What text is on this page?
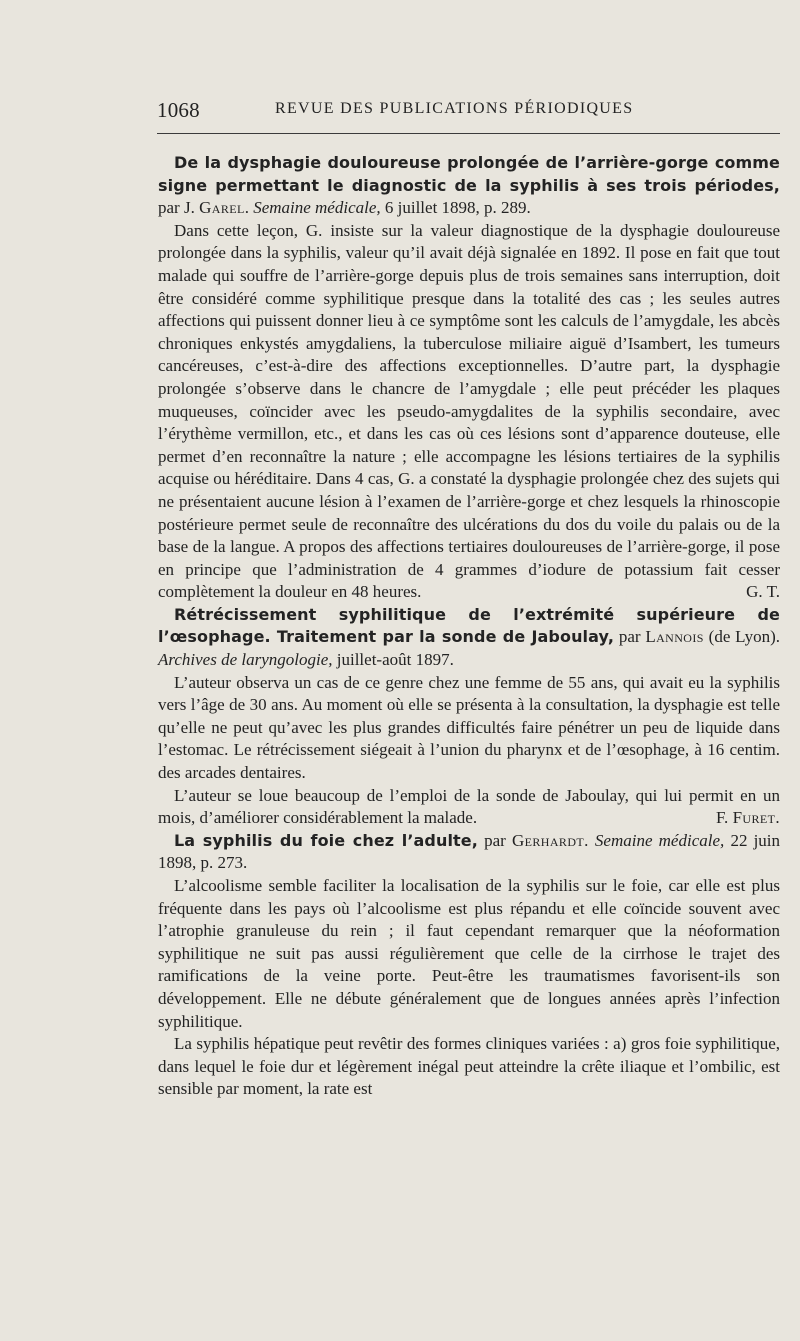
1068	REVUE DES PUBLICATIONS PÉRIODIQUES

De la dysphagie douloureuse prolongée de l’arrière-gorge comme signe permettant le diagnostic de la syphilis à ses trois périodes, par J. Garel. Semaine médicale, 6 juillet 1898, p. 289.

Dans cette leçon, G. insiste sur la valeur diagnostique de la dysphagie douloureuse prolongée dans la syphilis, valeur qu’il avait déjà signalée en 1892. Il pose en fait que tout malade qui souffre de l’arrière-gorge depuis plus de trois semaines sans interruption, doit être considéré comme syphilitique presque dans la totalité des cas ; les seules autres affections qui puissent donner lieu à ce symptôme sont les calculs de l’amygdale, les abcès chroniques enkystés amygdaliens, la tuberculose miliaire aiguë d’Isambert, les tumeurs cancéreuses, c’est-à-dire des affections exceptionnelles. D’autre part, la dysphagie prolongée s’observe dans le chancre de l’amygdale ; elle peut précéder les plaques muqueuses, coïncider avec les pseudo-amygdalites de la syphilis secondaire, avec l’érythème vermillon, etc., et dans les cas où ces lésions sont d’apparence douteuse, elle permet d’en reconnaître la nature ; elle accompagne les lésions tertiaires de la syphilis acquise ou héréditaire. Dans 4 cas, G. a constaté la dysphagie prolongée chez des sujets qui ne présentaient aucune lésion à l’examen de l’arrière-gorge et chez lesquels la rhinoscopie postérieure permet seule de reconnaître des ulcérations du dos du voile du palais ou de la base de la langue. A propos des affections tertiaires douloureuses de l’arrière-gorge, il pose en principe que l’administration de 4 grammes d’iodure de potassium fait cesser complètement la douleur en 48 heures.	G. T.

Rétrécissement syphilitique de l’extrémité supérieure de l’œsophage. Traitement par la sonde de Jaboulay, par Lannois (de Lyon). Archives de laryngologie, juillet-août 1897.

L’auteur observa un cas de ce genre chez une femme de 55 ans, qui avait eu la syphilis vers l’âge de 30 ans. Au moment où elle se présenta à la consultation, la dysphagie est telle qu’elle ne peut qu’avec les plus grandes difficultés faire pénétrer un peu de liquide dans l’estomac. Le rétrécissement siégeait à l’union du pharynx et de l’œsophage, à 16 centim. des arcades dentaires.

L’auteur se loue beaucoup de l’emploi de la sonde de Jaboulay, qui lui permit en un mois, d’améliorer considérablement la malade.	F. Furet.

La syphilis du foie chez l’adulte, par Gerhardt. Semaine médicale, 22 juin 1898, p. 273.

L’alcoolisme semble faciliter la localisation de la syphilis sur le foie, car elle est plus fréquente dans les pays où l’alcoolisme est plus répandu et elle coïncide souvent avec l’atrophie granuleuse du rein ; il faut cependant remarquer que la néoformation syphilitique ne suit pas aussi régulièrement que celle de la cirrhose le trajet des ramifications de la veine porte. Peut-être les traumatismes favorisent-ils son développement. Elle ne débute généralement que de longues années après l’infection syphilitique.

La syphilis hépatique peut revêtir des formes cliniques variées : a) gros foie syphilitique, dans lequel le foie dur et légèrement inégal peut atteindre la crête iliaque et l’ombilic, est sensible par moment, la rate est
